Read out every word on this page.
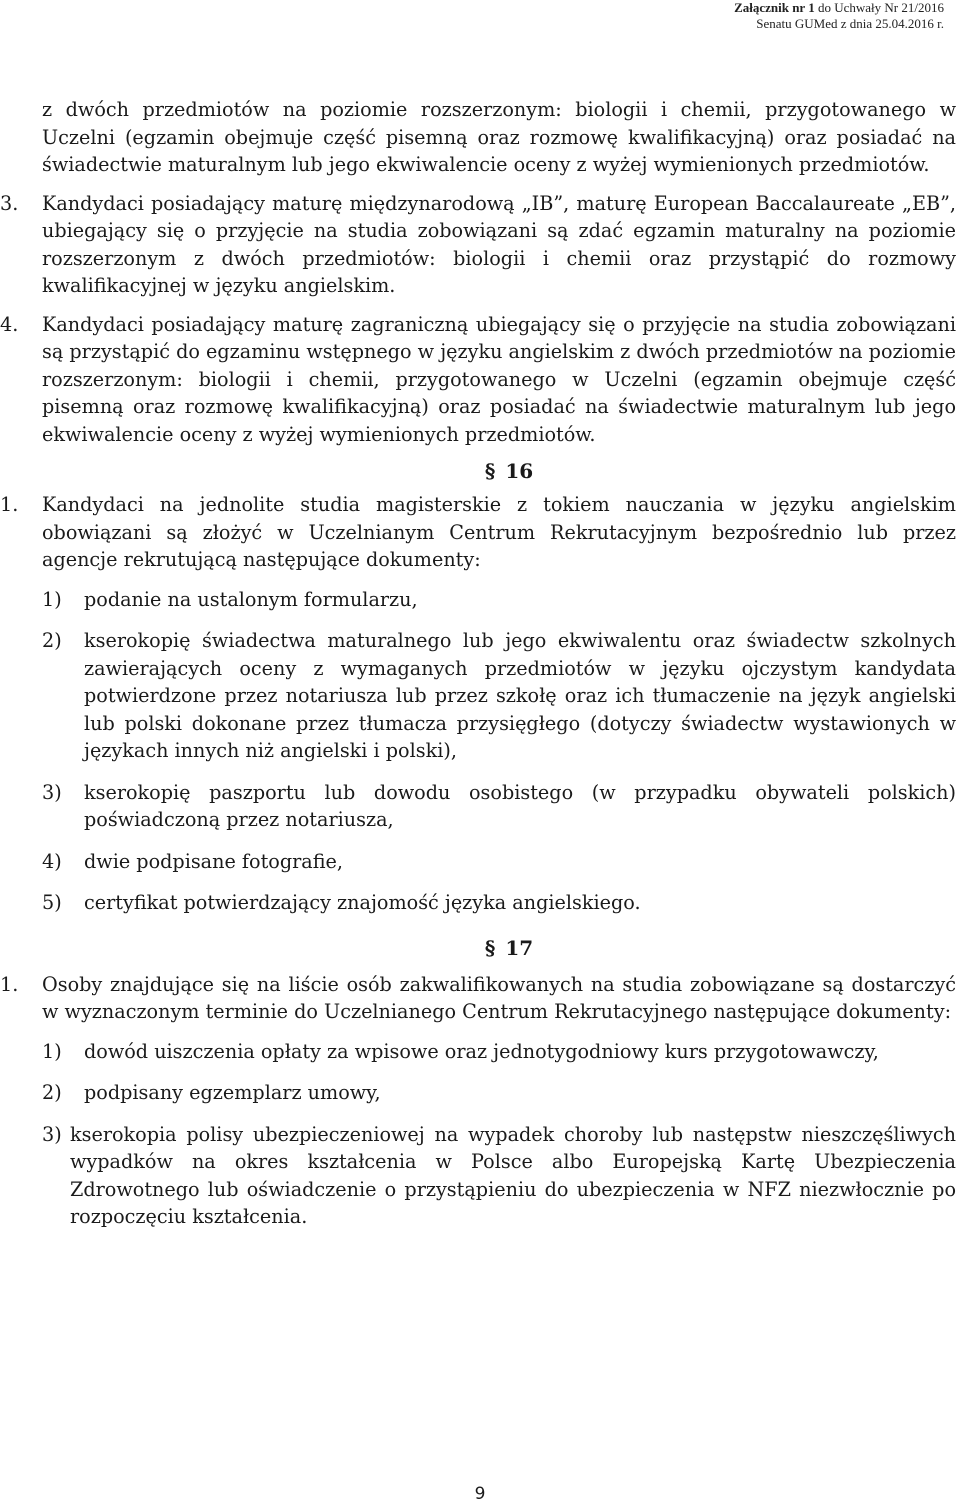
Załącznik nr 1 do Uchwały Nr 21/2016
Senatu GUMed z dnia 25.04.2016 r.
z dwóch przedmiotów na poziomie rozszerzonym: biologii i chemii, przygotowanego w Uczelni (egzamin obejmuje część pisemną oraz rozmowę kwalifikacyjną) oraz posiadać na świadectwie maturalnym lub jego ekwiwalencie oceny z wyżej wymienionych przedmiotów.
3. Kandydaci posiadający maturę międzynarodową „IB”, maturę European Baccalaureate „EB”, ubiegający się o przyjęcie na studia zobowiązani są zdać egzamin maturalny na poziomie rozszerzonym z dwóch przedmiotów: biologii i chemii oraz przystąpić do rozmowy kwalifikacyjnej w języku angielskim.
4. Kandydaci posiadający maturę zagraniczną ubiegający się o przyjęcie na studia zobowiązani są przystąpić do egzaminu wstępnego w języku angielskim z dwóch przedmiotów na poziomie rozszerzonym: biologii i chemii, przygotowanego w Uczelni (egzamin obejmuje część pisemną oraz rozmowę kwalifikacyjną) oraz posiadać na świadectwie maturalnym lub jego ekwiwalencie oceny z wyżej wymienionych przedmiotów.
§ 16
1. Kandydaci na jednolite studia magisterskie z tokiem nauczania w języku angielskim obowiązani są złożyć w Uczelnianym Centrum Rekrutacyjnym bezpośrednio lub przez agencje rekrutującą następujące dokumenty:
1) podanie na ustalonym formularzu,
2) kserokopię świadectwa maturalnego lub jego ekwiwalentu oraz świadectw szkolnych zawierających oceny z wymaganych przedmiotów w języku ojczystym kandydata potwierdzone przez notariusza lub przez szkołę oraz ich tłumaczenie na język angielski lub polski dokonane przez tłumacza przysięgłego (dotyczy świadectw wystawionych w językach innych niż angielski i polski),
3) kserokopię paszportu lub dowodu osobistego (w przypadku obywateli polskich) poświadczoną przez notariusza,
4) dwie podpisane fotografie,
5) certyfikat potwierdzający znajomość języka angielskiego.
§ 17
1. Osoby znajdujące się na liście osób zakwalifikowanych na studia zobowiązane są dostarczyć w wyznaczonym terminie do Uczelnianego Centrum Rekrutacyjnego następujące dokumenty:
1) dowód uiszczenia opłaty za wpisowe oraz jednotygodniowy kurs przygotowawczy,
2) podpisany egzemplarz umowy,
3) kserokopia polisy ubezpieczeniowej na wypadek choroby lub następstw nieszczęśliwych wypadków na okres kształcenia w Polsce albo Europejską Kartę Ubezpieczenia Zdrowotnego lub oświadczenie o przystąpieniu do ubezpieczenia w NFZ niezwłocznie po rozpoczęciu kształcenia.
9
